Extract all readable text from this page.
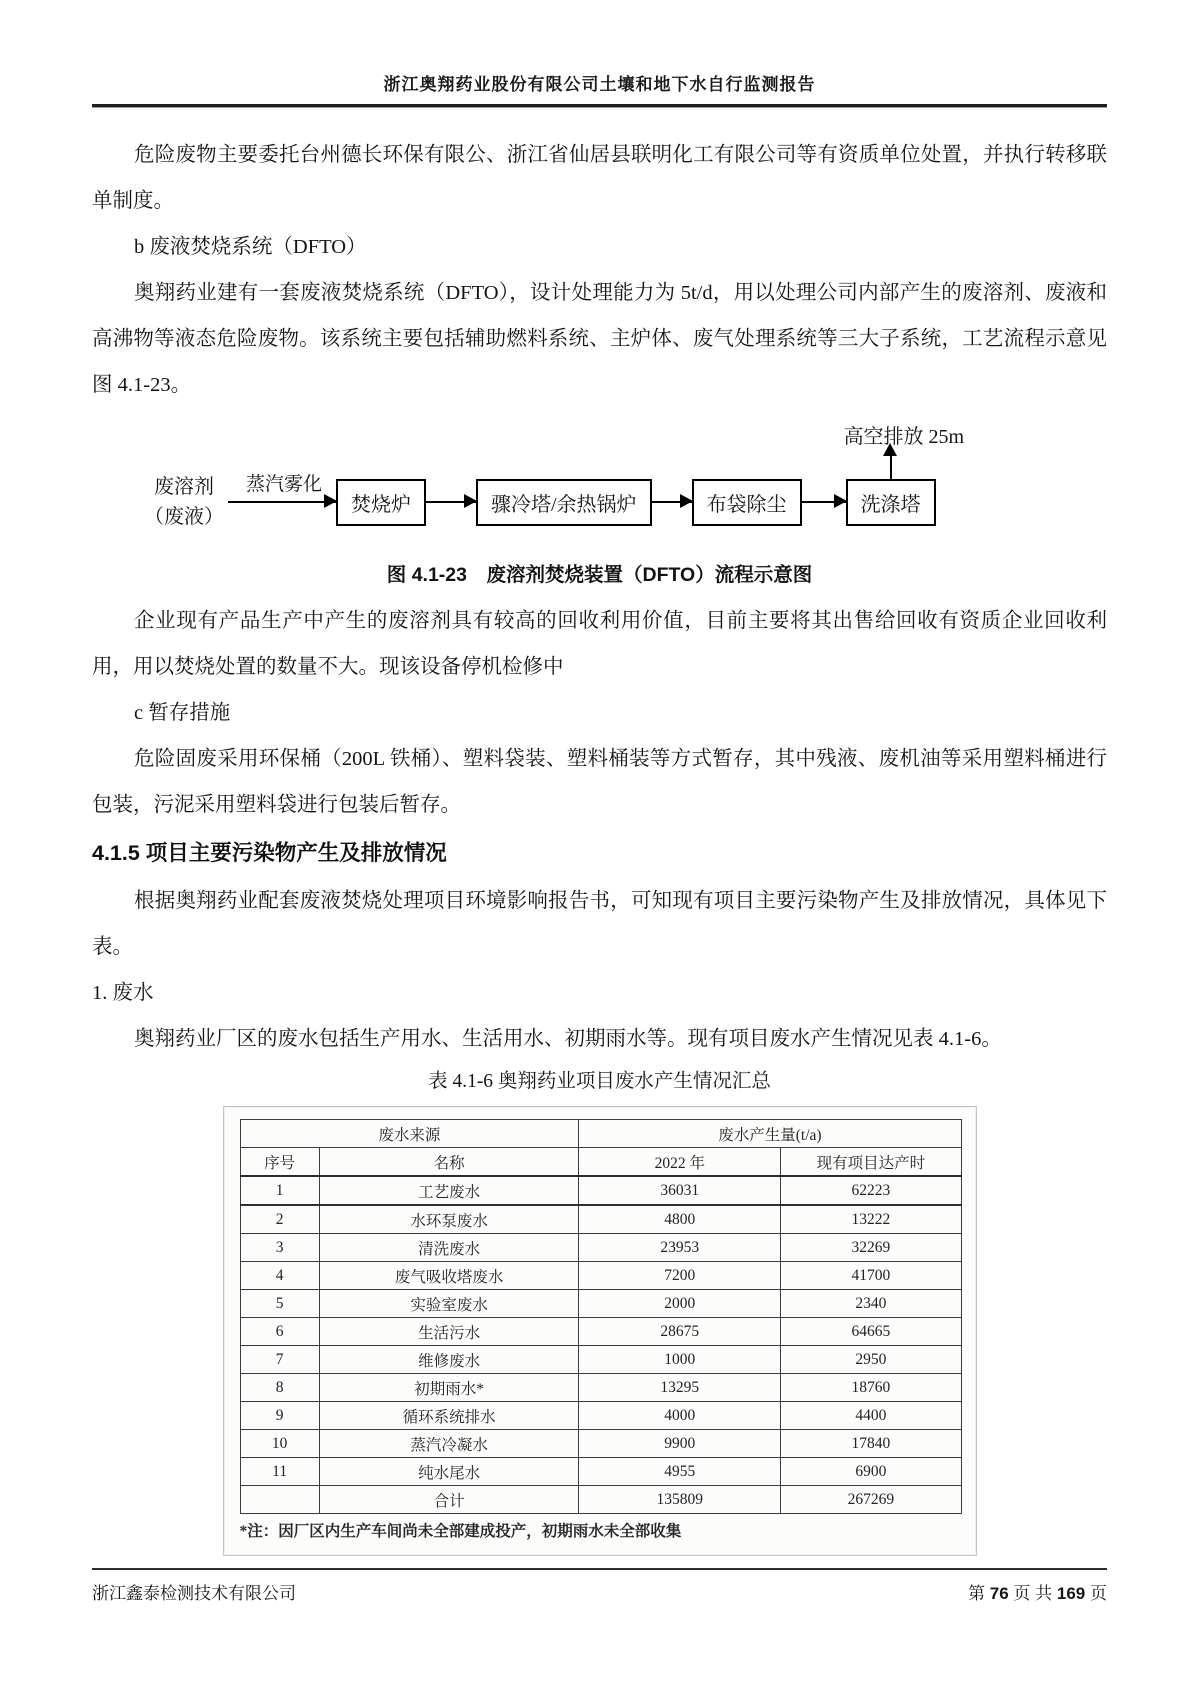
浙江奥翔药业股份有限公司土壤和地下水自行监测报告

危险废物主要委托台州德长环保有限公、浙江省仙居县联明化工有限公司等有资质单位处置，并执行转移联单制度。

b 废液焚烧系统（DFTO）

奥翔药业建有一套废液焚烧系统（DFTO），设计处理能力为 5t/d，用以处理公司内部产生的废溶剂、废液和高沸物等液态危险废物。该系统主要包括辅助燃料系统、主炉体、废气处理系统等三大子系统，工艺流程示意见图 4.1-23。

废溶剂
（废液）
蒸汽雾化
焚烧炉	骤冷塔/余热锅炉	布袋除尘
高空排放 25m
洗涤塔

图 4.1-23　废溶剂焚烧装置（DFTO）流程示意图

企业现有产品生产中产生的废溶剂具有较高的回收利用价值，目前主要将其出售给回收有资质企业回收利用，用以焚烧处置的数量不大。现该设备停机检修中

c 暂存措施

危险固废采用环保桶（200L 铁桶）、塑料袋装、塑料桶装等方式暂存，其中残液、废机油等采用塑料桶进行包装，污泥采用塑料袋进行包装后暂存。

4.1.5 项目主要污染物产生及排放情况

根据奥翔药业配套废液焚烧处理项目环境影响报告书，可知现有项目主要污染物产生及排放情况，具体见下表。

1. 废水

奥翔药业厂区的废水包括生产用水、生活用水、初期雨水等。现有项目废水产生情况见表 4.1-6。

表 4.1-6 奥翔药业项目废水产生情况汇总

废水来源		废水产生量(t/a)	
序号	名称	2022 年	现有项目达产时
1	工艺废水	36031	62223
2	水环泵废水	4800	13222
3	清洗废水	23953	32269
4	废气吸收塔废水	7200	41700
5	实验室废水	2000	2340
6	生活污水	28675	64665
7	维修废水	1000	2950
8	初期雨水*	13295	18760
9	循环系统排水	4000	4400
10	蒸汽冷凝水	9900	17840
11	纯水尾水	4955	6900
	合计	135809	267269
*注：因厂区内生产车间尚未全部建成投产，初期雨水未全部收集
浙江鑫泰检测技术有限公司	第 76 页 共 169 页
